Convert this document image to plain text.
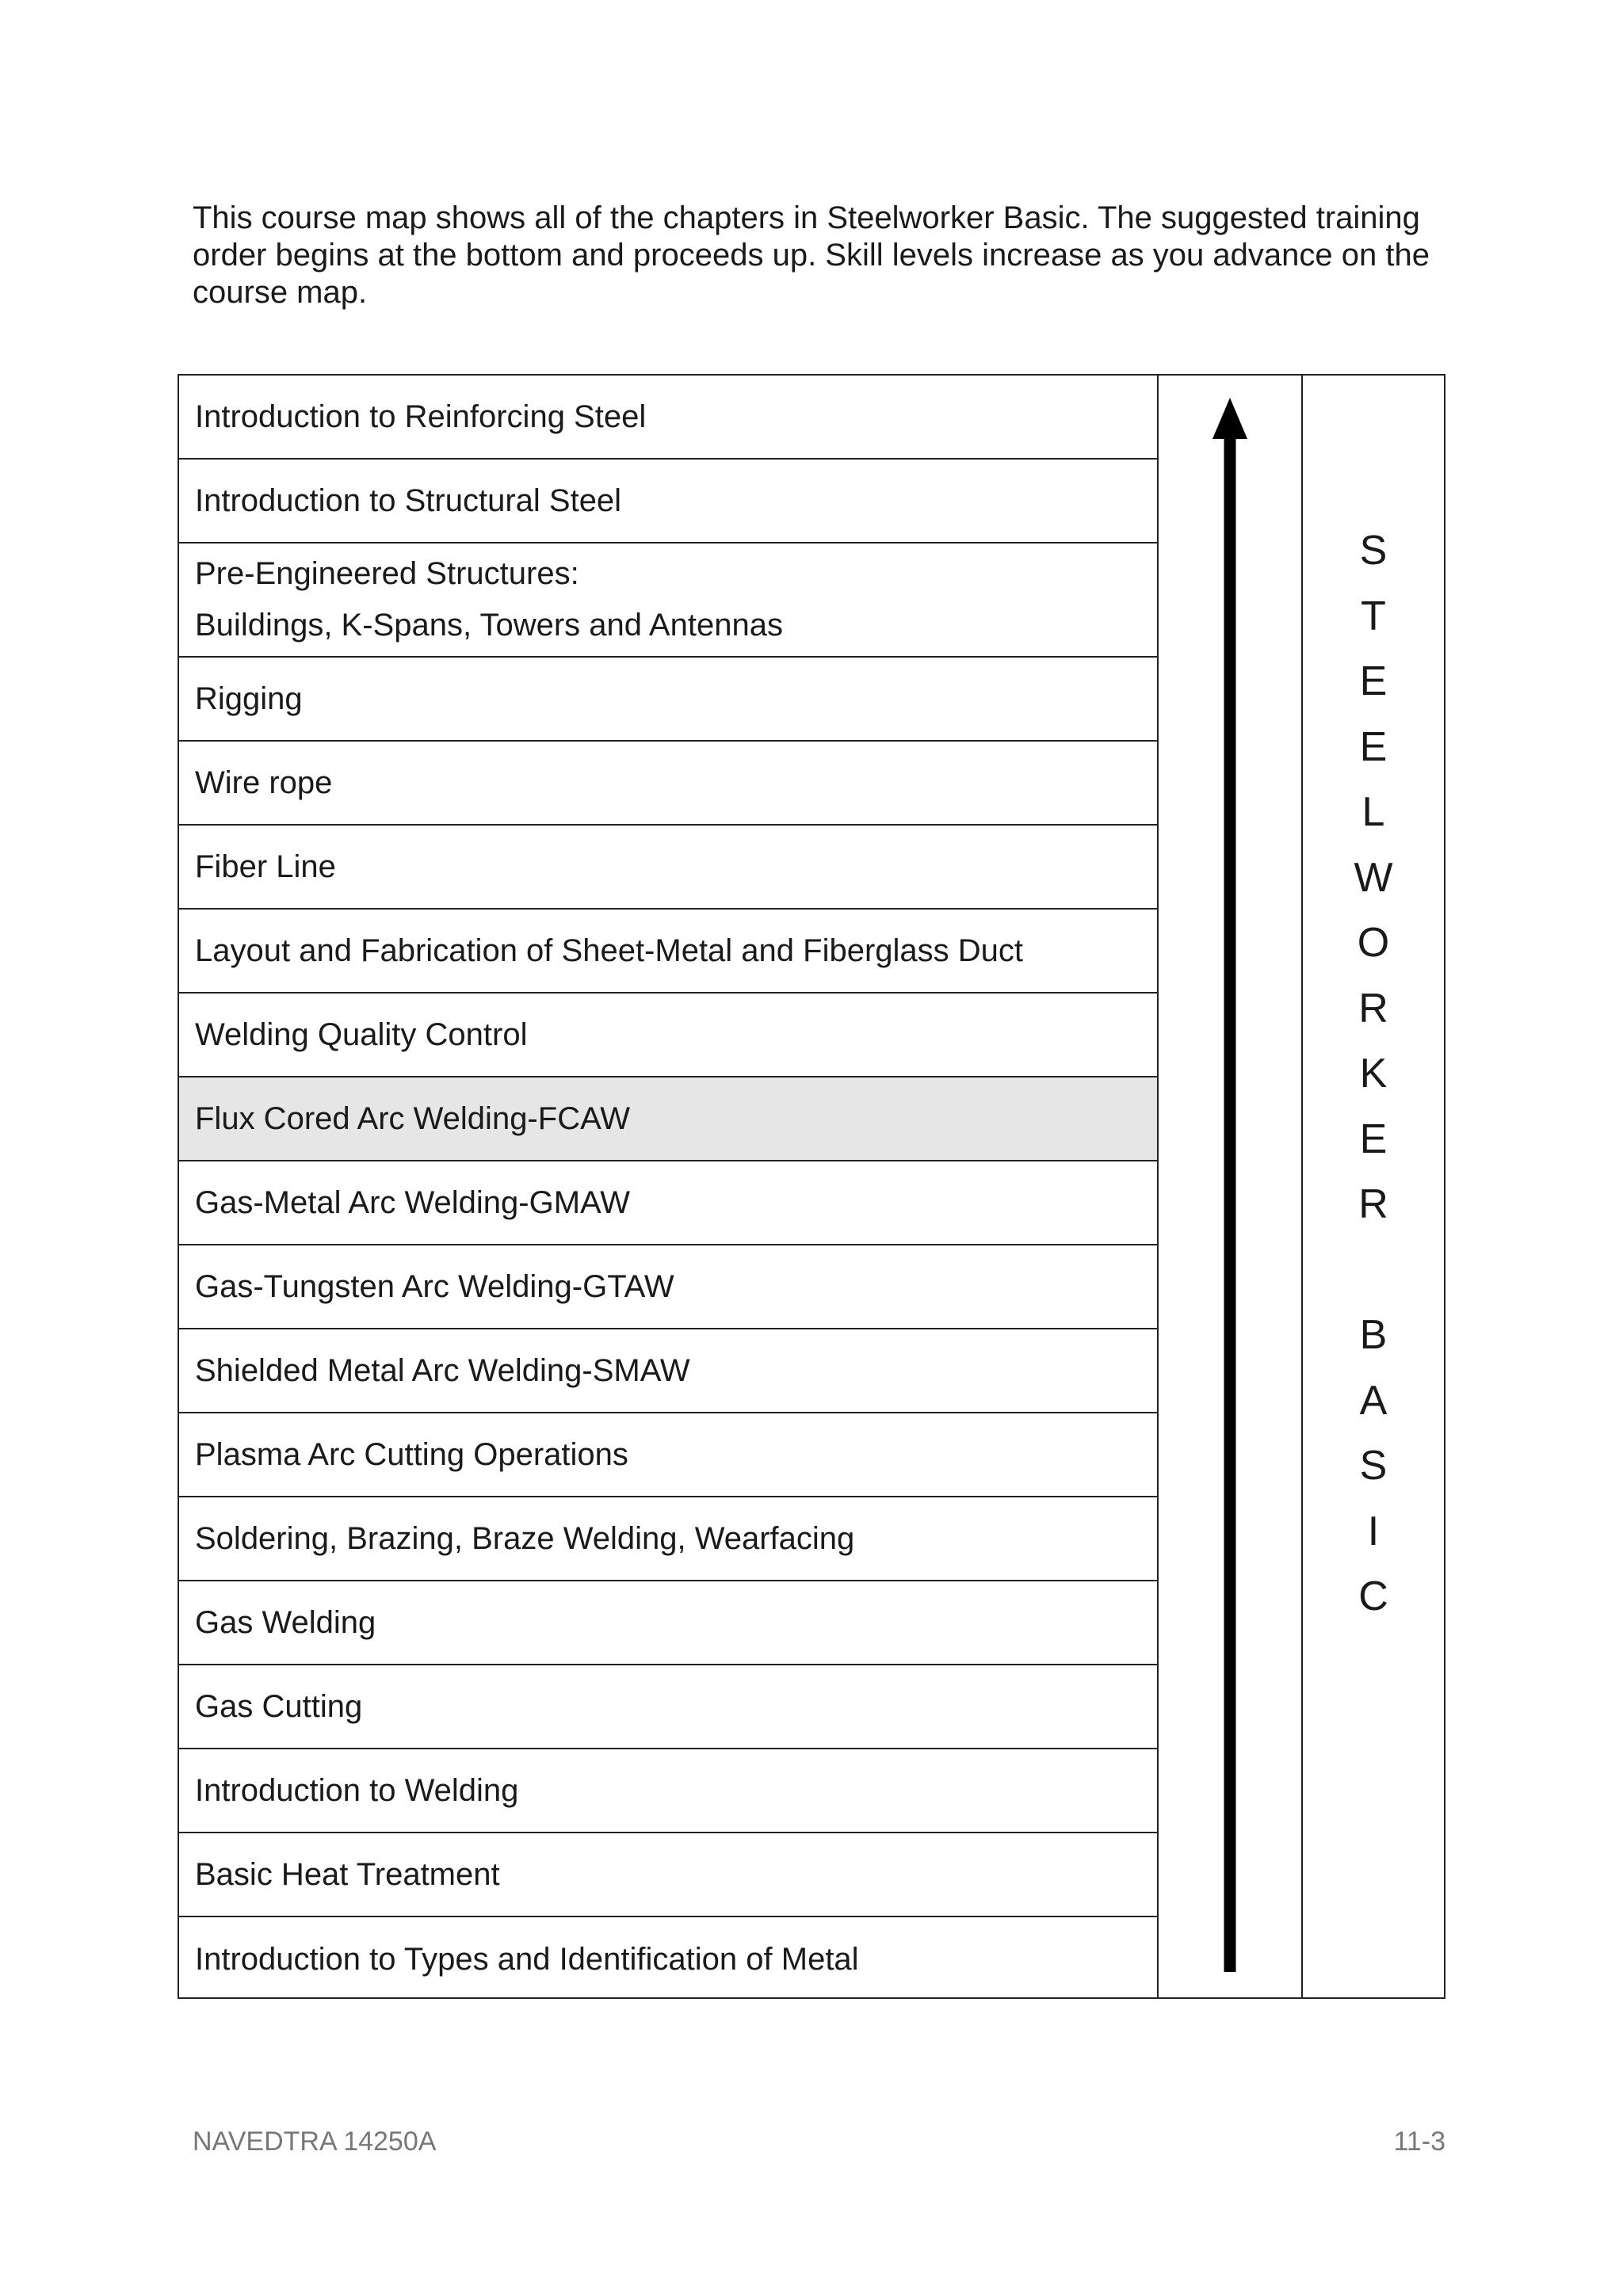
This course map shows all of the chapters in Steelworker Basic. The suggested training order begins at the bottom and proceeds up. Skill levels increase as you advance on the course map.

Introduction to Reinforcing Steel
Introduction to Structural Steel
Pre-Engineered Structures:
Buildings, K-Spans, Towers and Antennas
Rigging
Wire rope
Fiber Line
Layout and Fabrication of Sheet-Metal and Fiberglass Duct
Welding Quality Control
Flux Cored Arc Welding-FCAW
Gas-Metal Arc Welding-GMAW
Gas-Tungsten Arc Welding-GTAW
Shielded Metal Arc Welding-SMAW
Plasma Arc Cutting Operations
Soldering, Brazing, Braze Welding, Wearfacing
Gas Welding
Gas Cutting
Introduction to Welding
Basic Heat Treatment
Introduction to Types and Identification of Metal
S
T
E
E
L
W
O
R
K
E
R

B
A
S
I
C
NAVEDTRA 14250A	11-3
